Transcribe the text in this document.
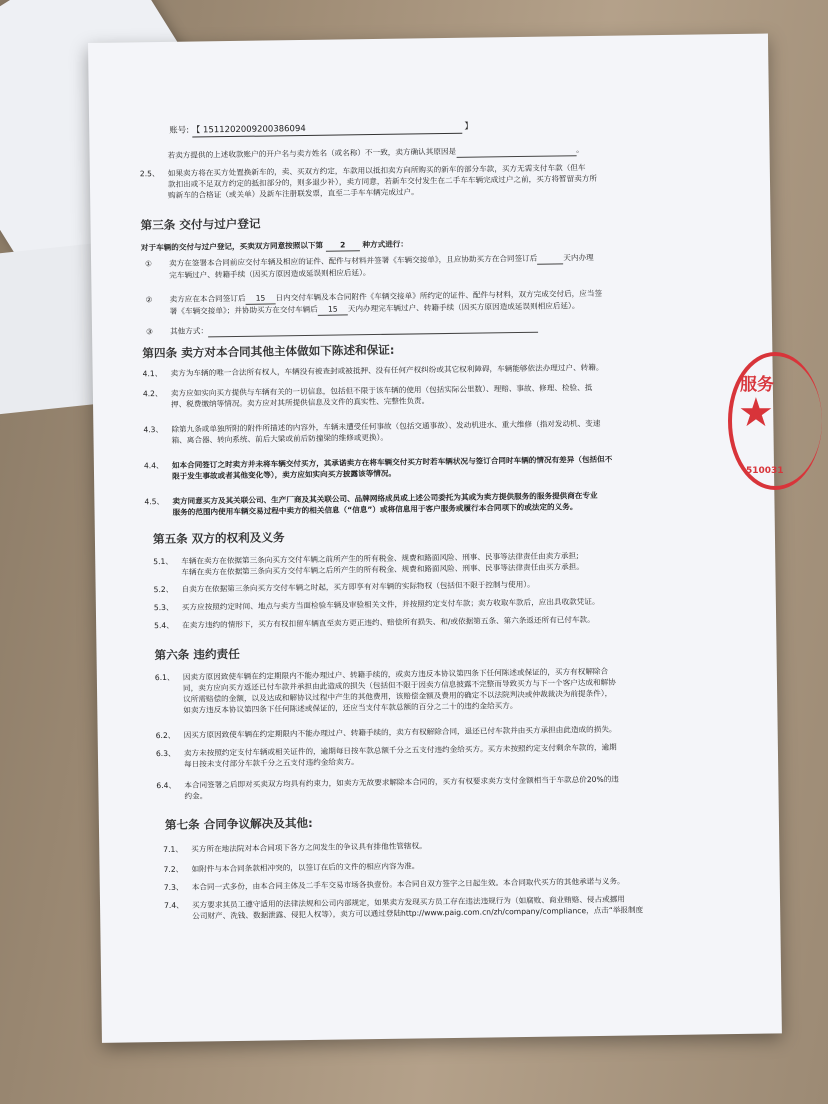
账号: 【 1511202009200386094	】
若卖方提供的上述收款账户的开户名与卖方姓名（或名称）不一致，卖方确认其原因是	。
2.5、	如果卖方将在买方处置换新车的，卖、买双方约定，车款用以抵扣卖方向所购买的新车的部分车款，买方无需支付车款（但车
款扣出或不足双方约定的抵扣部分的，则多退少补），卖方同意，若新车交付发生在二手车车辆完成过户之前，买方将暂留卖方所
购新车的合格证（或关单）及新车注册联发票，直至二手车车辆完成过户。
第三条 交付与过户登记
对于车辆的交付与过户登记，买卖双方同意按照以下第 2 种方式进行：
①	卖方在签署本合同前应交付车辆及相应的证件、配件与材料并签署《车辆交接单》，且应协助买方在合同签订后	天内办理
完车辆过户、转籍手续（因买方原因造成延误则相应后延）。
②	卖方应在本合同签订后 15 日内交付车辆及本合同附件《车辆交接单》所约定的证件、配件与材料，双方完成交付后，应当签
署《车辆交接单》；并协助买方在交付车辆后 15 天内办理完车辆过户、转籍手续（因买方原因造成延误则相应后延）。
③	其他方式：
第四条 卖方对本合同其他主体做如下陈述和保证:
4.1、	卖方为车辆的唯一合法所有权人，车辆没有被查封或被抵押、没有任何产权纠纷或其它权利障碍，车辆能够依法办理过户、转籍。
4.2、	卖方应如实向买方提供与车辆有关的一切信息，包括但不限于该车辆的使用（包括实际公里数）、理赔、事故、修理、检验、抵
押、税费缴纳等情况。卖方应对其所提供信息及文件的真实性、完整性负责。
4.3、	除第九条或单独所附的附件所描述的内容外，车辆未遭受任何事故（包括交通事故）、发动机进水、重大维修（指对发动机、变速
箱、离合器、转向系统、前后大梁或前后防撞梁的维修或更换）。
4.4、	如本合同签订之时卖方并未将车辆交付买方，其承诺卖方在将车辆交付买方时若车辆状况与签订合同时车辆的情况有差异（包括但不
限于发生事故或者其他变化等），卖方应如实向买方披露该等情况。
4.5、	卖方同意买方及其关联公司、生产厂商及其关联公司、品牌网络成员或上述公司委托为其或为卖方提供服务的服务提供商在专业
服务的范围内使用车辆交易过程中卖方的相关信息（“信息”）或将信息用于客户服务或履行本合同项下的或法定的义务。
第五条 双方的权利及义务
5.1、	车辆在卖方在依据第三条向买方交付车辆之前所产生的所有税金、规费和路面风险、刑事、民事等法律责任由卖方承担;
车辆在卖方在依据第三条向买方交付车辆之后所产生的所有税金、规费和路面风险、刑事、民事等法律责任由买方承担。
5.2、	自卖方在依据第三条向买方交付车辆之时起，买方即享有对车辆的实际物权（包括但不限于控制与使用）。
5.3、	买方应按照约定时间、地点与卖方当面检验车辆及审验相关文件，并按照约定支付车款；卖方收取车款后，应出具收款凭证。
5.4、	在卖方违约的情形下，买方有权扣留车辆直至卖方更正违约、赔偿所有损失、和/或依据第五条、第六条返还所有已付车款。
第六条 违约责任
6.1、	因卖方原因致使车辆在约定期限内不能办理过户、转籍手续的，或卖方违反本协议第四条下任何陈述或保证的，买方有权解除合
同，卖方应向买方返还已付车款并承担由此造成的损失（包括但不限于因卖方信息披露不完整而导致买方与下一个客户达成和解协
议所需赔偿的金额，以及达成和解协议过程中产生的其他费用，该赔偿金额及费用的确定不以法院判决或仲裁裁决为前提条件），
如卖方违反本协议第四条下任何陈述或保证的，还应当支付车款总额的百分之二十的违约金给买方。
6.2、	因买方原因致使车辆在约定期限内不能办理过户、转籍手续的，卖方有权解除合同，退还已付车款并由买方承担由此造成的损失。
6.3、	卖方未按照约定支付车辆或相关证件的，逾期每日按车款总额千分之五支付违约金给买方。买方未按照约定支付剩余车款的，逾期
每日按未支付部分车款千分之五支付违约金给卖方。
6.4、	本合同签署之后即对买卖双方均具有约束力，如卖方无故要求解除本合同的，买方有权要求卖方支付金额相当于车款总价20%的违
约金。
第七条 合同争议解决及其他:
7.1、	买方所在地法院对本合同项下各方之间发生的争议具有排他性管辖权。
7.2、	如附件与本合同条款相冲突的，以签订在后的文件的相应内容为准。
7.3、	本合同一式多份，由本合同主体及二手车交易市场各执壹份。本合同自双方签字之日起生效。本合同取代买方的其他承诺与义务。
7.4、	买方要求其员工遵守适用的法律法规和公司内部规定，如果卖方发现买方员工存在违法违规行为（如腐败、商业贿赂、侵占或挪用
公司财产、洗钱、数据泄露、侵犯人权等），卖方可以通过登陆http://www.paig.com.cn/zh/company/compliance，点击“举报制度
服务
★
510031
